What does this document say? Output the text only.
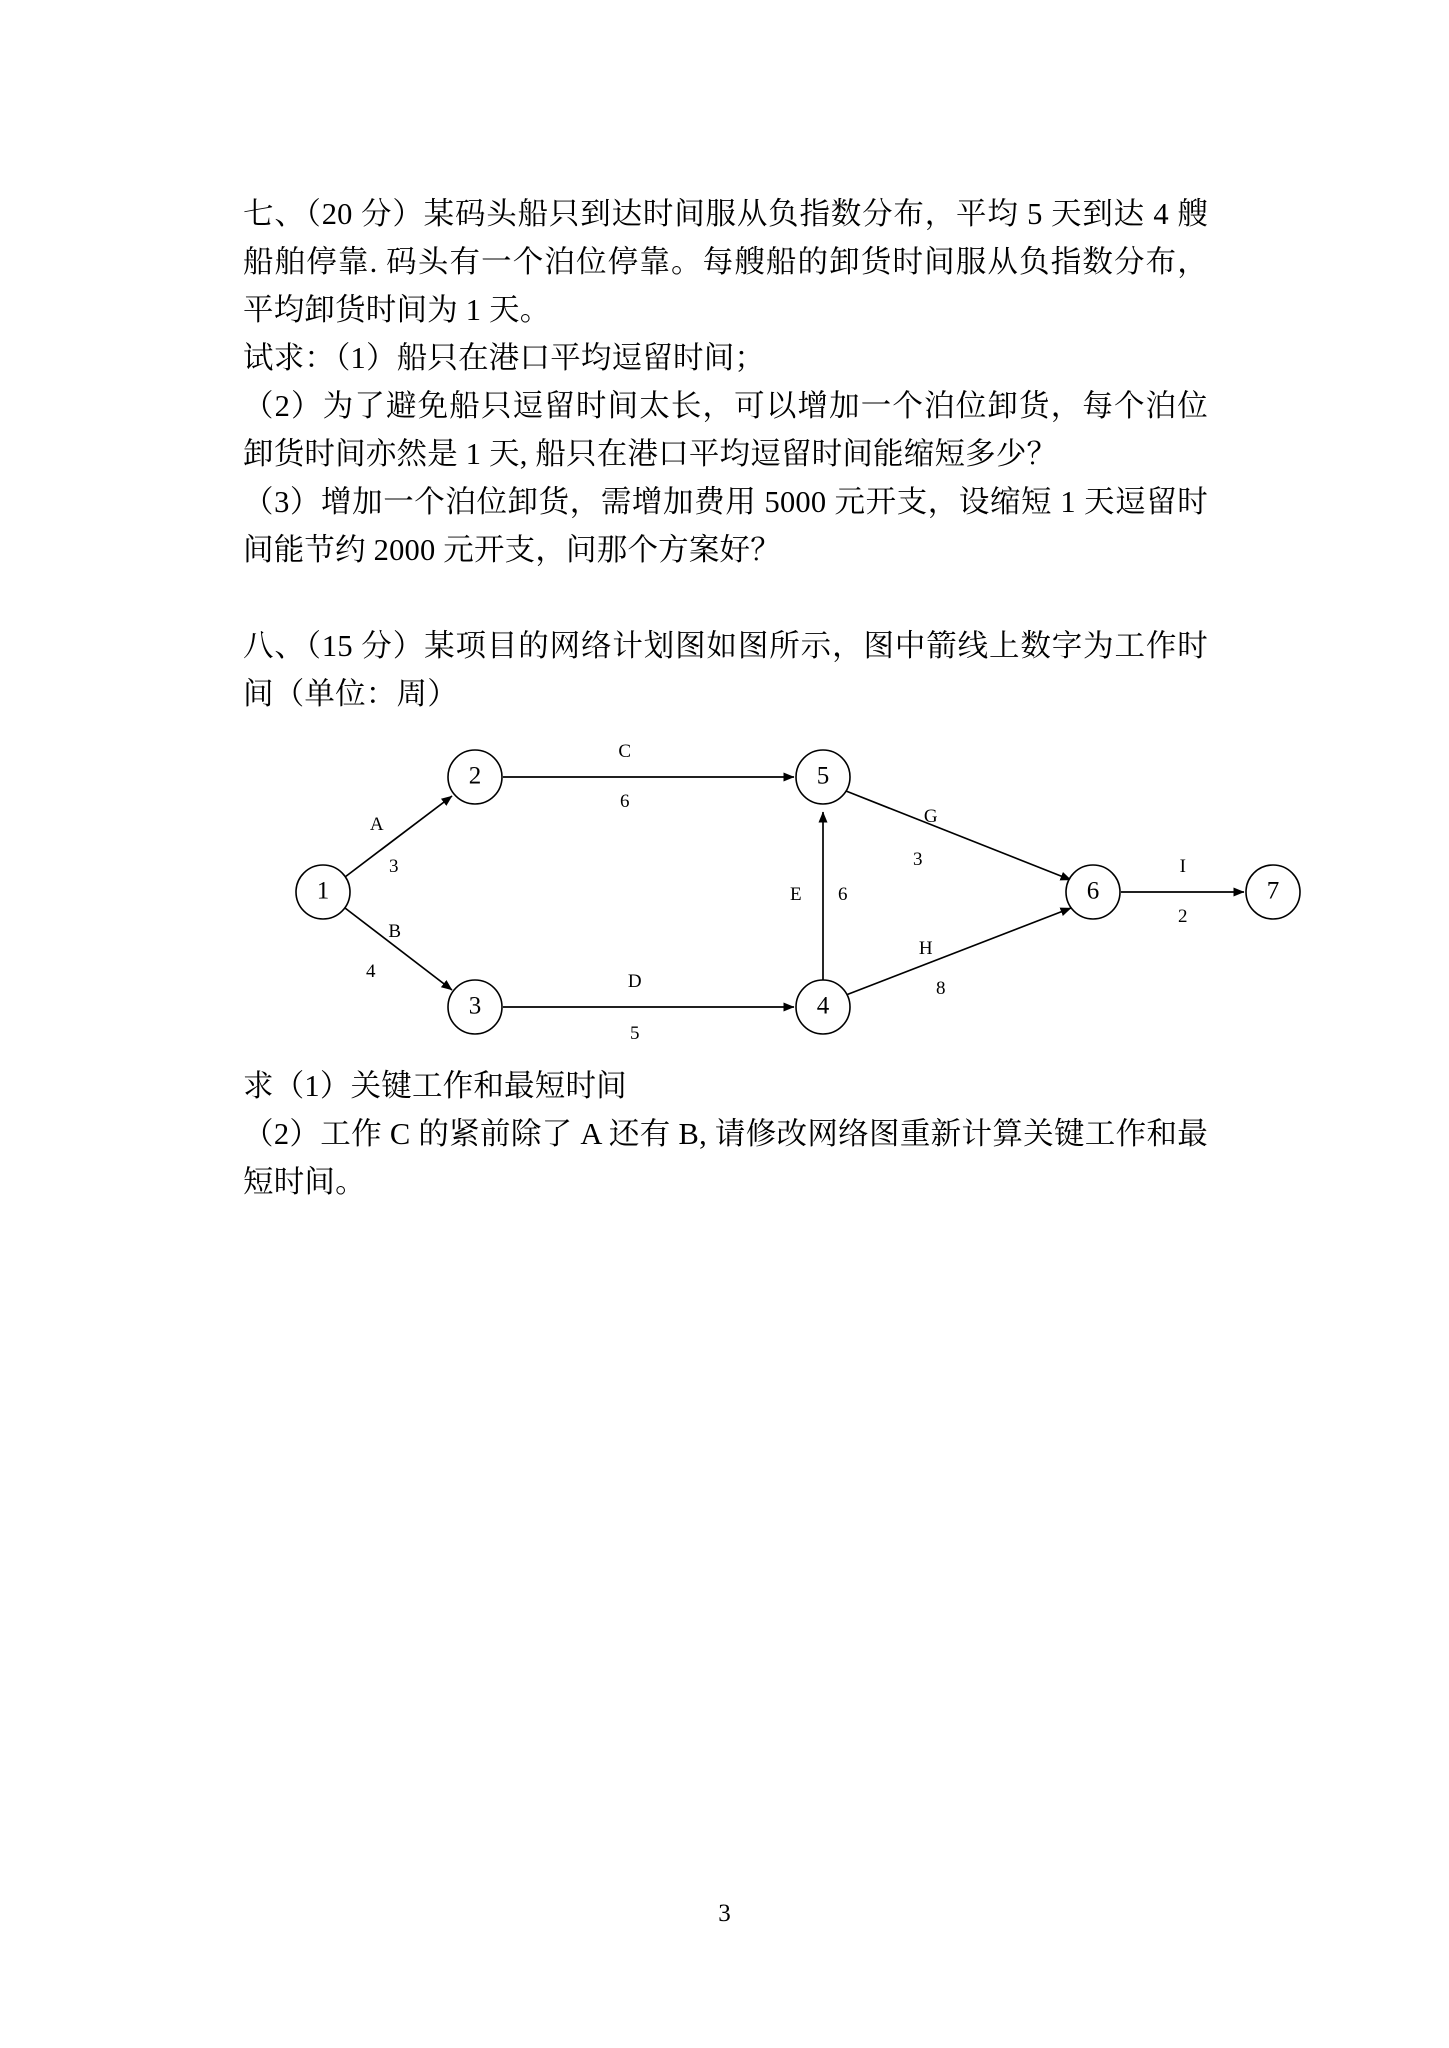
七、（20 分）某码头船只到达时间服从负指数分布，平均 5 天到达 4 艘船舶停靠. 码头有一个泊位停靠。每艘船的卸货时间服从负指数分布，平均卸货时间为 1 天。

试求：（1）船只在港口平均逗留时间；

（2）为了避免船只逗留时间太长，可以增加一个泊位卸货，每个泊位卸货时间亦然是 1 天, 船只在港口平均逗留时间能缩短多少？

（3）增加一个泊位卸货，需增加费用 5000 元开支，设缩短 1 天逗留时间能节约 2000 元开支，问那个方案好？

八、（15 分）某项目的网络计划图如图所示，图中箭线上数字为工作时间（单位：周）

A
3
B
4
C
6
D
5
E 6
G
3
H
8
I
2
1
2
3	4
5
6	7

求（1）关键工作和最短时间

（2）工作 C 的紧前除了 A 还有 B, 请修改网络图重新计算关键工作和最短时间。

3
